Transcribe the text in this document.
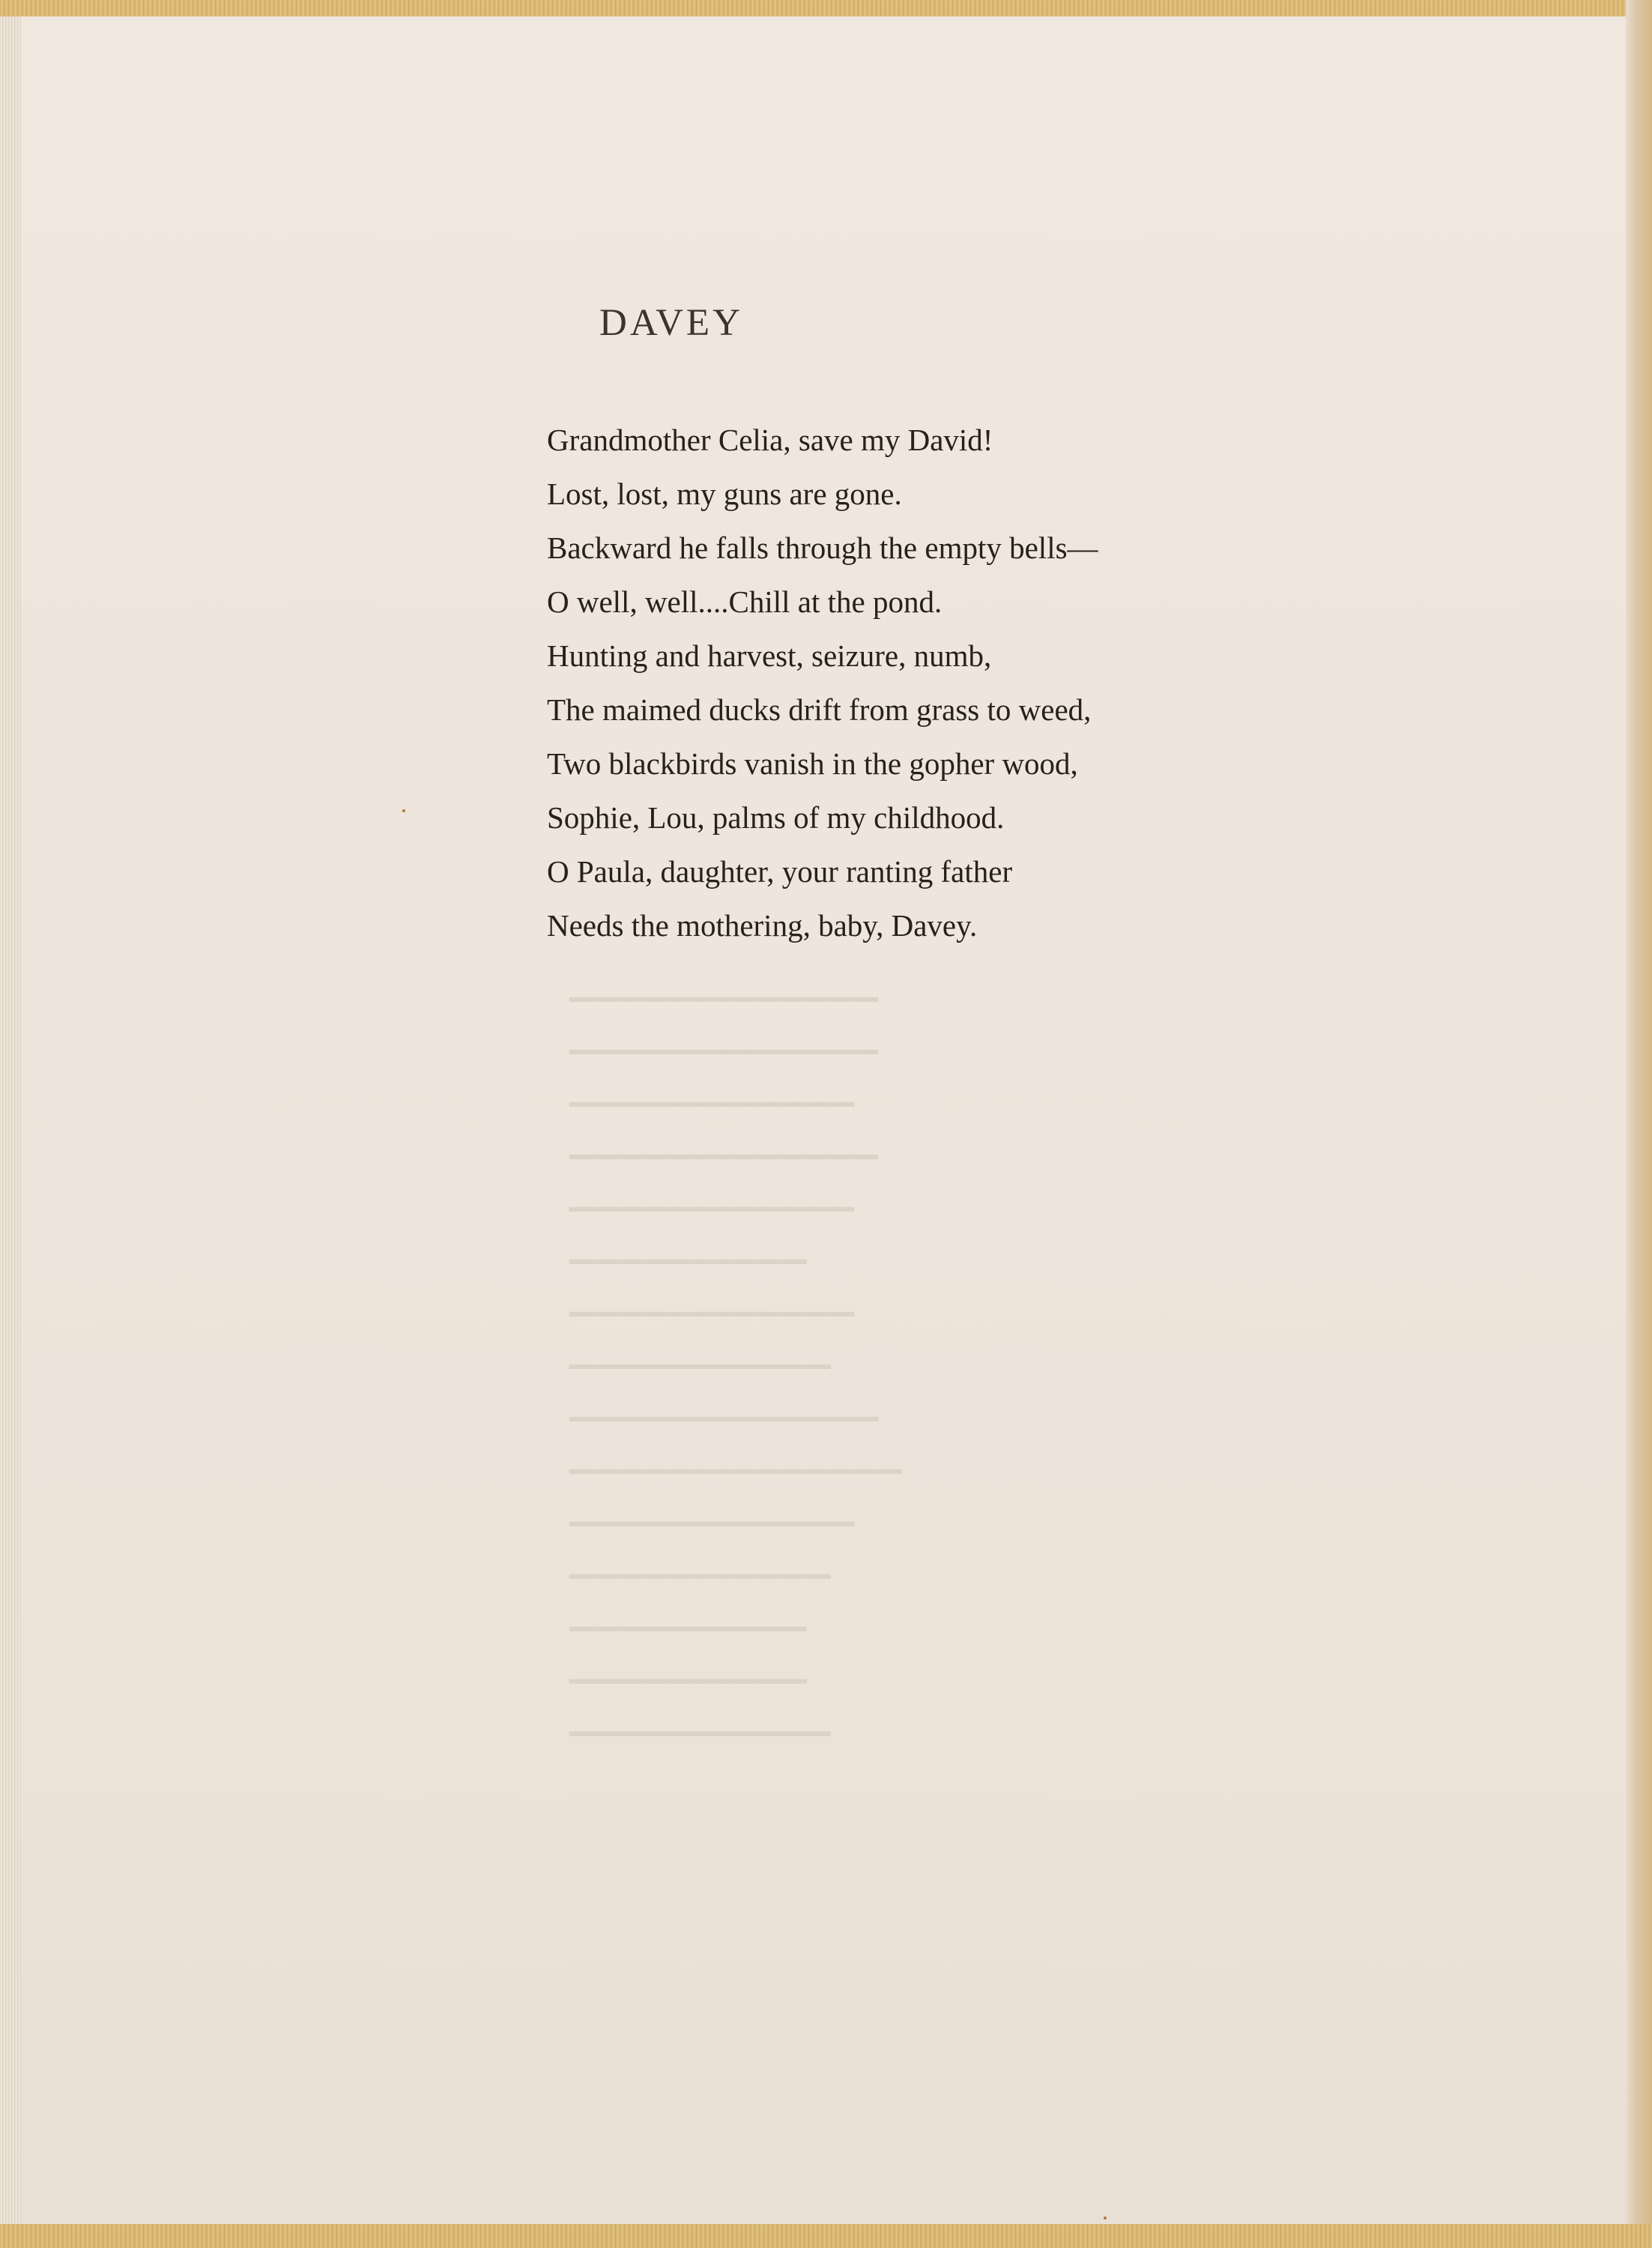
▁▁▁▁▁▁▁▁▁▁▁▁▁
▁▁▁▁▁▁▁▁▁▁▁▁▁
▁▁▁▁▁▁▁▁▁▁▁▁
▁▁▁▁▁▁▁▁▁▁▁▁▁
▁▁▁▁▁▁▁▁▁▁▁▁
▁▁▁▁▁▁▁▁▁▁
▁▁▁▁▁▁▁▁▁▁▁▁
▁▁▁▁▁▁▁▁▁▁▁
▁▁▁▁▁▁▁▁▁▁▁▁▁
▁▁▁▁▁▁▁▁▁▁▁▁▁▁
▁▁▁▁▁▁▁▁▁▁▁▁
▁▁▁▁▁▁▁▁▁▁▁
▁▁▁▁▁▁▁▁▁▁
▁▁▁▁▁▁▁▁▁▁
▁▁▁▁▁▁▁▁▁▁▁
DAVEY
Grandmother Celia, save my David!
Lost, lost, my guns are gone.
Backward he falls through the empty bells—
O well, well....Chill at the pond.
Hunting and harvest, seizure, numb,
The maimed ducks drift from grass to weed,
Two blackbirds vanish in the gopher wood,
Sophie, Lou, palms of my childhood.
O Paula, daughter, your ranting father
Needs the mothering, baby, Davey.
